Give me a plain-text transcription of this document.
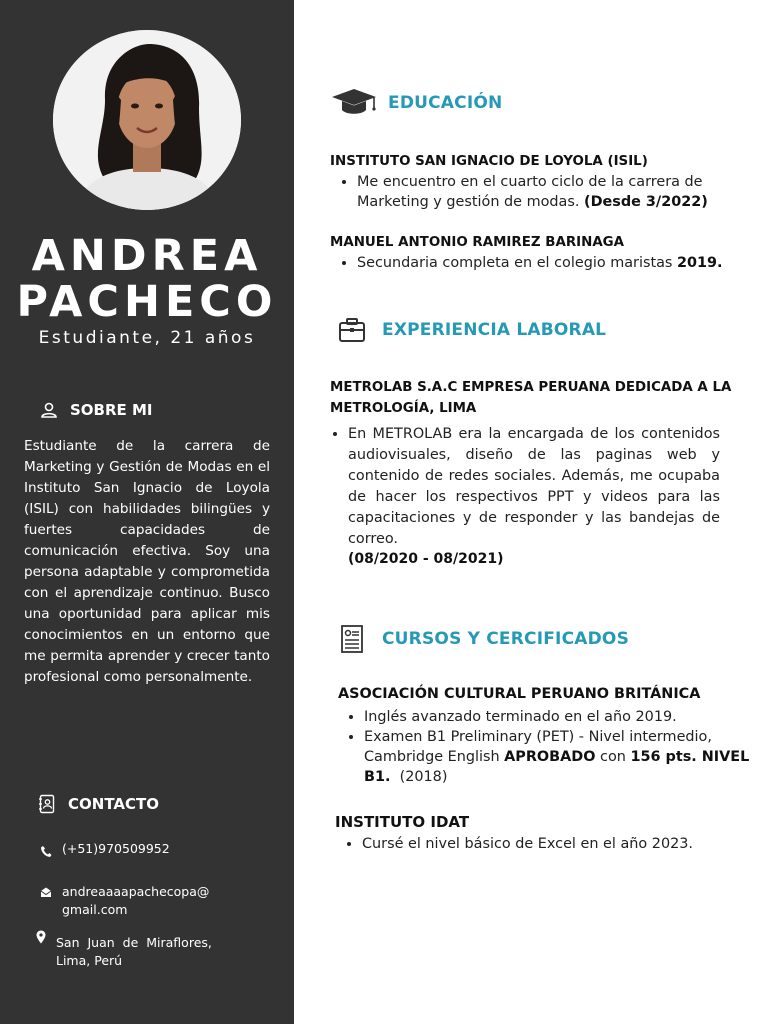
ANDREA
PACHECO
Estudiante, 21 años
SOBRE MI
Estudiante de la carrera de Marketing y Gestión de Modas en el Instituto San Ignacio de Loyola (ISIL) con habilidades bilingües y fuertes capacidades de comunicación efectiva. Soy una persona adaptable y comprometida con el aprendizaje continuo. Busco una oportunidad para aplicar mis conocimientos en un entorno que me permita aprender y crecer tanto profesional como personalmente.
CONTACTO
(+51)970509952
andreaaaapachecopa@
gmail.com
San Juan de Miraflores,
Lima, Perú
EDUCACIÓN
INSTITUTO SAN IGNACIO DE LOYOLA (ISIL)
• Me encuentro en el cuarto ciclo de la carrera de Marketing y gestión de modas. (Desde 3/2022)
MANUEL ANTONIO RAMIREZ BARINAGA
• Secundaria completa en el colegio maristas 2019.
EXPERIENCIA LABORAL
METROLAB S.A.C EMPRESA PERUANA DEDICADA A LA METROLOGÍA, LIMA
• En METROLAB era la encargada de los contenidos audiovisuales, diseño de las paginas web y contenido de redes sociales. Además, me ocupaba de hacer los respectivos PPT y videos para las capacitaciones y de responder y las bandejas de correo.
(08/2020 - 08/2021)
CURSOS Y CERCIFICADOS
ASOCIACIÓN CULTURAL PERUANO BRITÁNICA
• Inglés avanzado terminado en el año 2019.
• Examen B1 Preliminary (PET) - Nivel intermedio, Cambridge English APROBADO con 156 pts. NIVEL B1.  (2018)
INSTITUTO IDAT
• Cursé el nivel básico de Excel en el año 2023.
